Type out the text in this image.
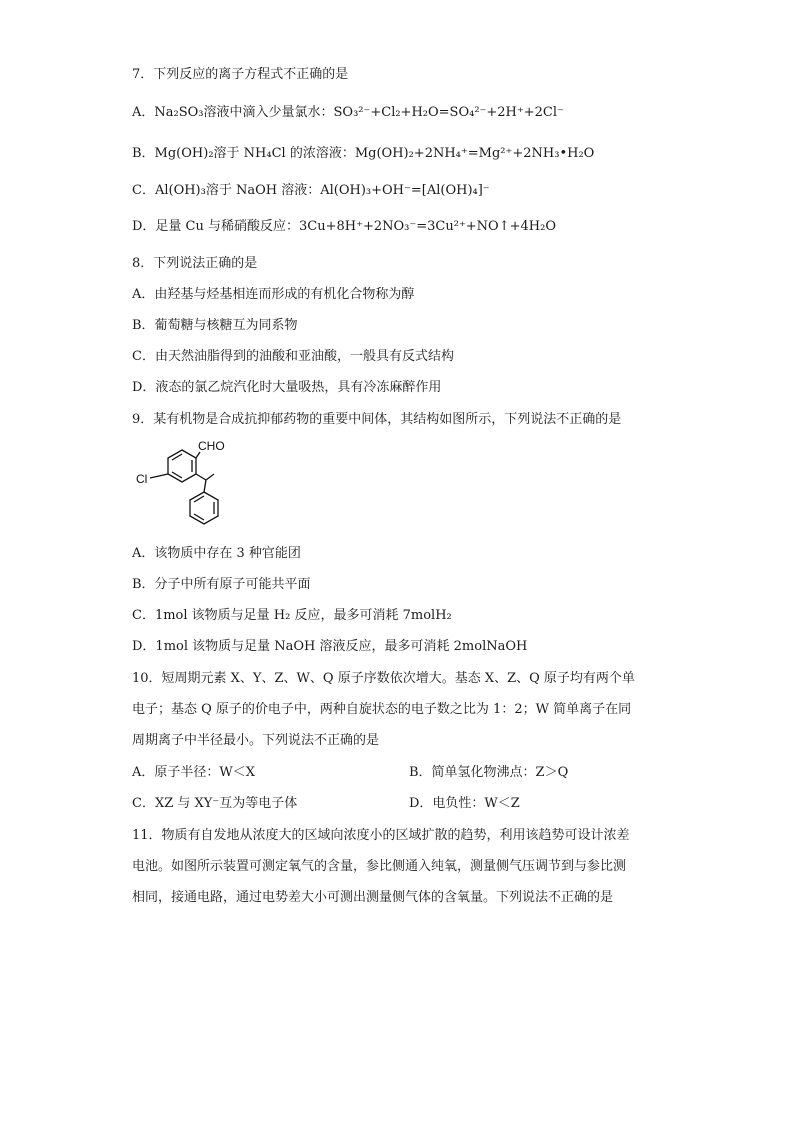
7．下列反应的离子方程式不正确的是
A．Na₂SO₃溶液中滴入少量氯水：SO₃²⁻+Cl₂+H₂O=SO₄²⁻+2H⁺+2Cl⁻
B．Mg(OH)₂溶于 NH₄Cl 的浓溶液：Mg(OH)₂+2NH₄⁺=Mg²⁺+2NH₃•H₂O
C．Al(OH)₃溶于 NaOH 溶液：Al(OH)₃+OH⁻=[Al(OH)₄]⁻
D．足量 Cu 与稀硝酸反应：3Cu+8H⁺+2NO₃⁻=3Cu²⁺+NO↑+4H₂O
8．下列说法正确的是
A．由羟基与烃基相连而形成的有机化合物称为醇
B．葡萄糖与核糖互为同系物
C．由天然油脂得到的油酸和亚油酸，一般具有反式结构
D．液态的氯乙烷汽化时大量吸热，具有冷冻麻醉作用
9．某有机物是合成抗抑郁药物的重要中间体，其结构如图所示，下列说法不正确的是
CHO
Cl
A．该物质中存在 3 种官能团
B．分子中所有原子可能共平面
C．1mol 该物质与足量 H₂ 反应，最多可消耗 7molH₂
D．1mol 该物质与足量 NaOH 溶液反应，最多可消耗 2molNaOH
10．短周期元素 X、Y、Z、W、Q 原子序数依次增大。基态 X、Z、Q 原子均有两个单
电子；基态 Q 原子的价电子中，两种自旋状态的电子数之比为 1：2；W 简单离子在同
周期离子中半径最小。下列说法不正确的是
A．原子半径：W＜X	B．简单氢化物沸点：Z＞Q
C．XZ 与 XY⁻互为等电子体	D．电负性：W＜Z
11．物质有自发地从浓度大的区域向浓度小的区域扩散的趋势，利用该趋势可设计浓差
电池。如图所示装置可测定氧气的含量，参比侧通入纯氧，测量侧气压调节到与参比测
相同，接通电路，通过电势差大小可测出测量侧气体的含氧量。下列说法不正确的是
